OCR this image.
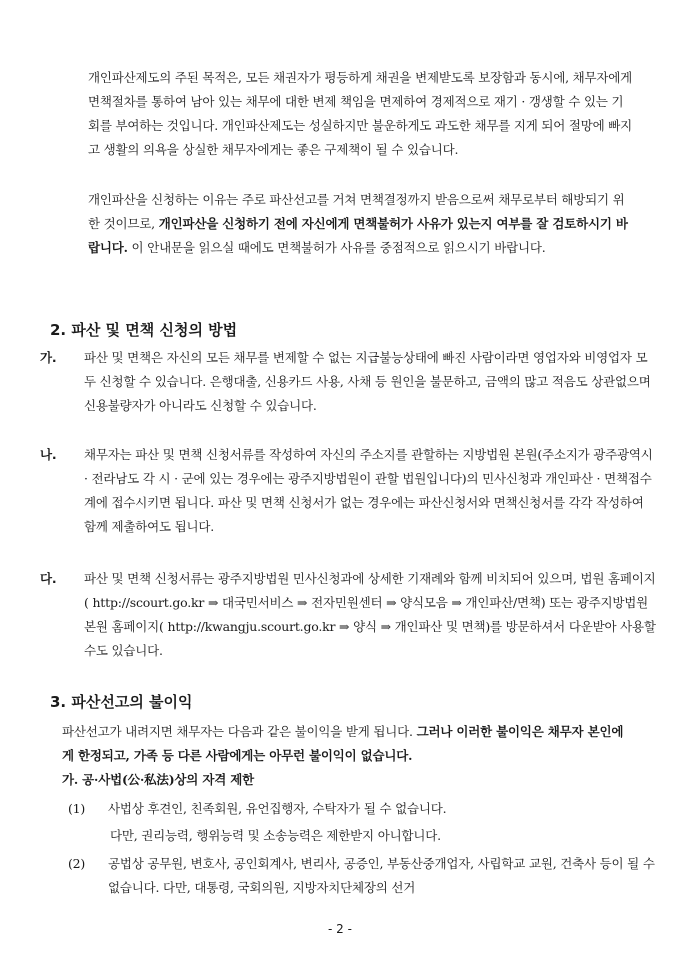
개인파산제도의 주된 목적은, 모든 채권자가 평등하게 채권을 변제받도록 보장함과 동시에, 채무자에게 면책절차를 통하여 남아 있는 채무에 대한 변제 책임을 면제하여 경제적으로 재기 · 갱생할 수 있는 기회를 부여하는 것입니다. 개인파산제도는 성실하지만 불운하게도 과도한 채무를 지게 되어 절망에 빠지고 생활의 의욕을 상실한 채무자에게는 좋은 구제책이 될 수 있습니다.
개인파산을 신청하는 이유는 주로 파산선고를 거쳐 면책결정까지 받음으로써 채무로부터 해방되기 위한 것이므로, 개인파산을 신청하기 전에 자신에게 면책불허가 사유가 있는지 여부를 잘 검토하시기 바랍니다. 이 안내문을 읽으실 때에도 면책불허가 사유를 중점적으로 읽으시기 바랍니다.
2. 파산 및 면책 신청의 방법
가. 파산 및 면책은 자신의 모든 채무를 변제할 수 없는 지급불능상태에 빠진 사람이라면 영업자와 비영업자 모두 신청할 수 있습니다. 은행대출, 신용카드 사용, 사채 등 원인을 불문하고, 금액의 많고 적음도 상관없으며 신용불량자가 아니라도 신청할 수 있습니다.
나. 채무자는 파산 및 면책 신청서류를 작성하여 자신의 주소지를 관할하는 지방법원 본원(주소지가 광주광역시 · 전라남도 각 시 · 군에 있는 경우에는 광주지방법원이 관할 법원입니다)의 민사신청과 개인파산 · 면책접수계에 접수시키면 됩니다. 파산 및 면책 신청서가 없는 경우에는 파산신청서와 면책신청서를 각각 작성하여 함께 제출하여도 됩니다.
다. 파산 및 면책 신청서류는 광주지방법원 민사신청과에 상세한 기재례와 함께 비치되어 있으며, 법원 홈페이지( http://scourt.go.kr ⇒ 대국민서비스 ⇒ 전자민원센터 ⇒ 양식모음 ⇒ 개인파산/면책) 또는 광주지방법원 본원 홈페이지( http://kwangju.scourt.go.kr ⇒ 양식 ⇒ 개인파산 및 면책)를 방문하셔서 다운받아 사용할 수도 있습니다.
3. 파산선고의 불이익
파산선고가 내려지면 채무자는 다음과 같은 불이익을 받게 됩니다. 그러나 이러한 불이익은 채무자 본인에게 한정되고, 가족 등 다른 사람에게는 아무런 불이익이 없습니다.
가. 공·사법(公·私法)상의 자격 제한
(1) 사법상 후견인, 친족회원, 유언집행자, 수탁자가 될 수 없습니다.
다만, 권리능력, 행위능력 및 소송능력은 제한받지 아니합니다.
(2) 공법상 공무원, 변호사, 공인회계사, 변리사, 공증인, 부동산중개업자, 사립학교 교원, 건축사 등이 될 수 없습니다. 다만, 대통령, 국회의원, 지방자치단체장의 선거
- 2 -
